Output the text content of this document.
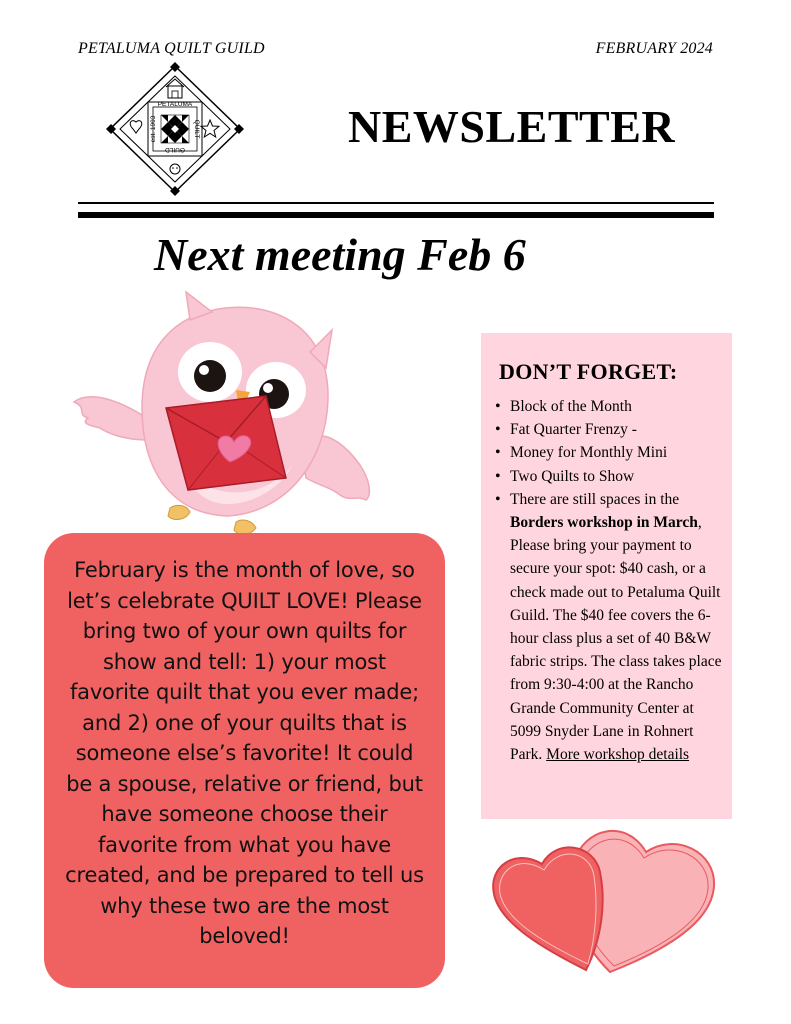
PETALUMA QUILT GUILD	FEBRUARY 2024
PETALUMA
QUILT
GUILD
est. 1993	NEWSLETTER
Next meeting Feb 6

February is the month of love, so let’s celebrate QUILT LOVE! Please bring two of your own quilts for show and tell: 1) your most favorite quilt that you ever made; and 2) one of your quilts that is someone else’s favorite! It could be a spouse, relative or friend, but have someone choose their favorite from what you have created, and be prepared to tell us why these two are the most beloved!

DON’T FORGET:
• Block of the Month
• Fat Quarter Frenzy -
• Money for Monthly Mini
• Two Quilts to Show
• There are still spaces in the Borders workshop in March, Please bring your payment to secure your spot: $40 cash, or a check made out to Petaluma Quilt Guild. The $40 fee covers the 6-hour class plus a set of 40 B&W fabric strips. The class takes place from 9:30-4:00 at the Rancho Grande Community Center at 5099 Snyder Lane in Rohnert Park. More workshop details
